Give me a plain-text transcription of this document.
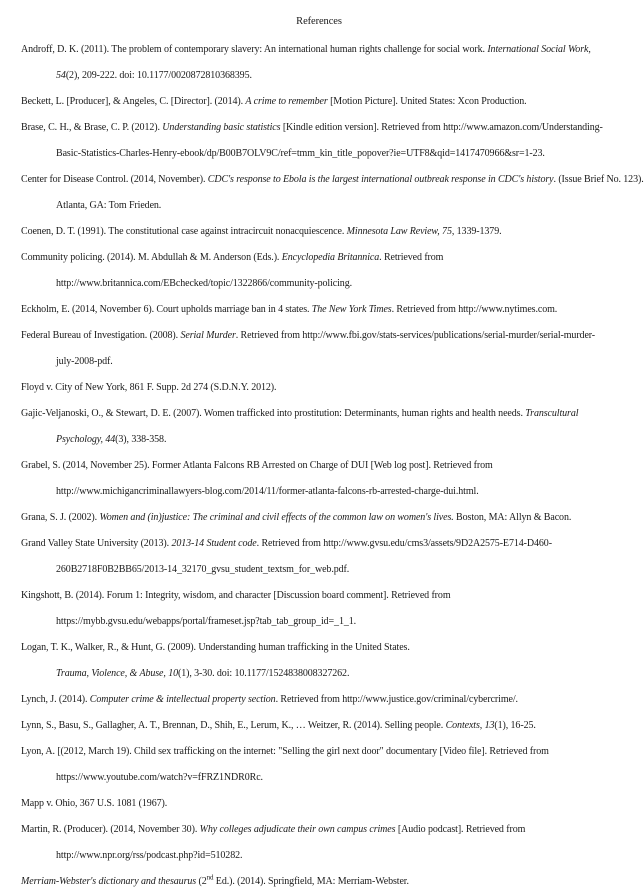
References
Androff, D. K. (2011). The problem of contemporary slavery: An international human rights challenge for social work. International Social Work,
54(2), 209-222. doi: 10.1177/0020872810368395.
Beckett, L. [Producer], & Angeles, C. [Director]. (2014). A crime to remember [Motion Picture]. United States: Xcon Production.
Brase, C. H., & Brase, C. P. (2012). Understanding basic statistics [Kindle edition version]. Retrieved from http://www.amazon.com/Understanding-
Basic-Statistics-Charles-Henry-ebook/dp/B00B7OLV9C/ref=tmm_kin_title_popover?ie=UTF8&qid=1417470966&sr=1-23.
Center for Disease Control. (2014, November). CDC's response to Ebola is the largest international outbreak response in CDC's history. (Issue Brief No. 123).
Atlanta, GA: Tom Frieden.
Coenen, D. T. (1991). The constitutional case against intracircuit nonacquiescence. Minnesota Law Review, 75, 1339-1379.
Community policing. (2014). M. Abdullah & M. Anderson (Eds.). Encyclopedia Britannica. Retrieved from
http://www.britannica.com/EBchecked/topic/1322866/community-policing.
Eckholm, E. (2014, November 6). Court upholds marriage ban in 4 states. The New York Times. Retrieved from http://www.nytimes.com.
Federal Bureau of Investigation. (2008). Serial Murder. Retrieved from http://www.fbi.gov/stats-services/publications/serial-murder/serial-murder-
july-2008-pdf.
Floyd v. City of New York, 861 F. Supp. 2d 274 (S.D.N.Y. 2012).
Gajic-Veljanoski, O., & Stewart, D. E. (2007). Women trafficked into prostitution: Determinants, human rights and health needs. Transcultural
Psychology, 44(3), 338-358.
Grabel, S. (2014, November 25). Former Atlanta Falcons RB Arrested on Charge of DUI [Web log post]. Retrieved from
http://www.michigancriminallawyers-blog.com/2014/11/former-atlanta-falcons-rb-arrested-charge-dui.html.
Grana, S. J. (2002). Women and (in)justice: The criminal and civil effects of the common law on women's lives. Boston, MA: Allyn & Bacon.
Grand Valley State University (2013). 2013-14 Student code. Retrieved from http://www.gvsu.edu/cms3/assets/9D2A2575-E714-D460-
260B2718F0B2BB65/2013-14_32170_gvsu_student_textsm_for_web.pdf.
Kingshott, B. (2014). Forum 1: Integrity, wisdom, and character [Discussion board comment]. Retrieved from
https://mybb.gvsu.edu/webapps/portal/frameset.jsp?tab_tab_group_id=_1_1.
Logan, T. K., Walker, R., & Hunt, G. (2009). Understanding human trafficking in the United States.
Trauma, Violence, & Abuse, 10(1), 3-30. doi: 10.1177/1524838008327262.
Lynch, J. (2014). Computer crime & intellectual property section. Retrieved from http://www.justice.gov/criminal/cybercrime/.
Lynn, S., Basu, S., Gallagher, A. T., Brennan, D., Shih, E., Lerum, K., … Weitzer, R. (2014). Selling people. Contexts, 13(1), 16-25.
Lyon, A. [(2012, March 19). Child sex trafficking on the internet: "Selling the girl next door" documentary [Video file]. Retrieved from
https://www.youtube.com/watch?v=fFRZ1NDR0Rc.
Mapp v. Ohio, 367 U.S. 1081 (1967).
Martin, R. (Producer). (2014, November 30). Why colleges adjudicate their own campus crimes [Audio podcast]. Retrieved from
http://www.npr.org/rss/podcast.php?id=510282.
Merriam-Webster's dictionary and thesaurus (2nd Ed.). (2014). Springfield, MA: Merriam-Webster.
